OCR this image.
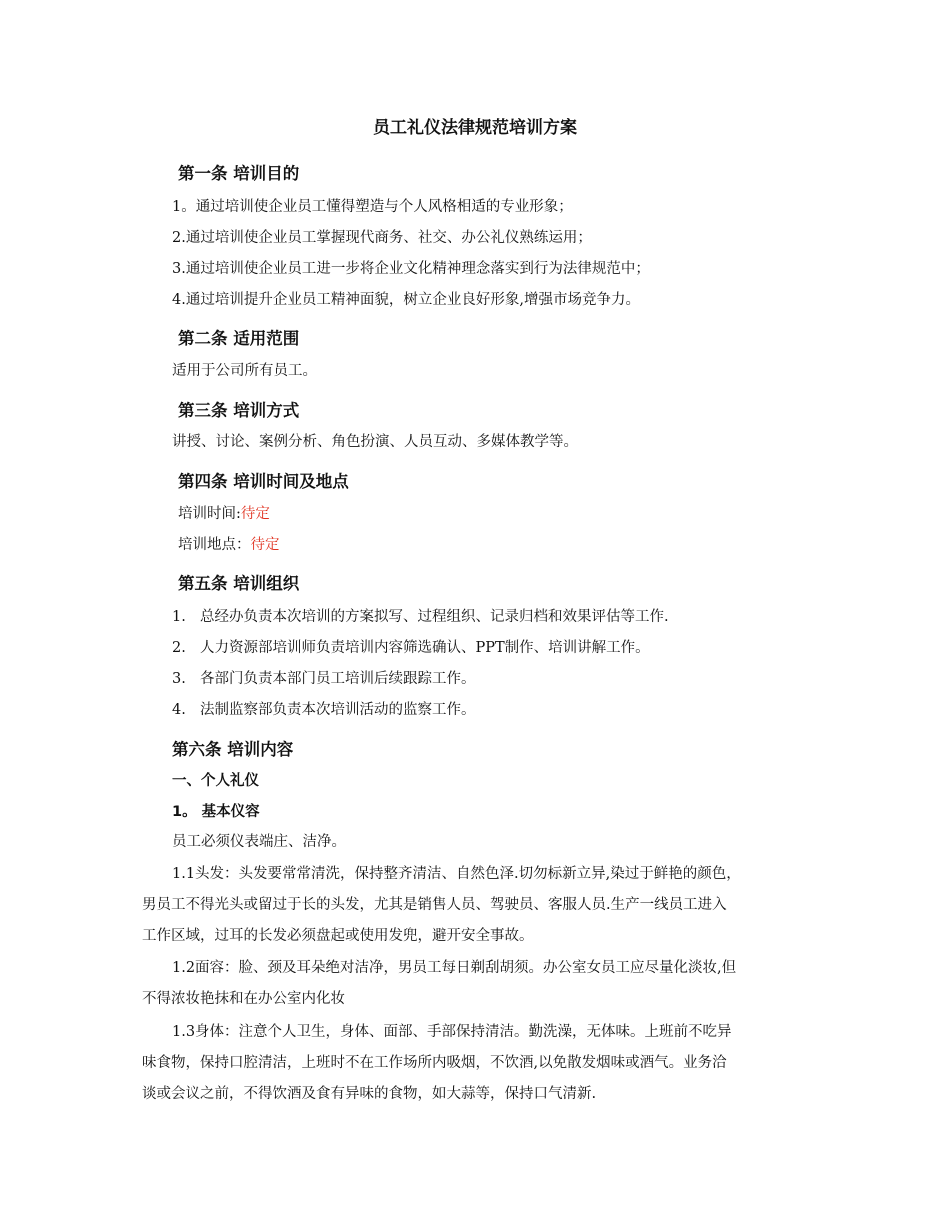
员工礼仪法律规范培训方案
第一条 培训目的
1。通过培训使企业员工懂得塑造与个人风格相适的专业形象；
2.通过培训使企业员工掌握现代商务、社交、办公礼仪熟练运用；
3.通过培训使企业员工进一步将企业文化精神理念落实到行为法律规范中；
4.通过培训提升企业员工精神面貌，树立企业良好形象,增强市场竞争力。
第二条 适用范围
适用于公司所有员工。
第三条 培训方式
讲授、讨论、案例分析、角色扮演、人员互动、多媒体教学等。
第四条 培训时间及地点
培训时间:待定
培训地点：待定
第五条 培训组织
1. 总经办负责本次培训的方案拟写、过程组织、记录归档和效果评估等工作.
2. 人力资源部培训师负责培训内容筛选确认、PPT制作、培训讲解工作。
3. 各部门负责本部门员工培训后续跟踪工作。
4. 法制监察部负责本次培训活动的监察工作。
第六条 培训内容
一、个人礼仪
1。 基本仪容
员工必须仪表端庄、洁净。
1.1头发：头发要常常清洗，保持整齐清洁、自然色泽.切勿标新立异,染过于鲜艳的颜色，
男员工不得光头或留过于长的头发，尤其是销售人员、驾驶员、客服人员.生产一线员工进入
工作区域，过耳的长发必须盘起或使用发兜，避开安全事故。
1.2面容：脸、颈及耳朵绝对洁净，男员工每日剃刮胡须。办公室女员工应尽量化淡妆,但
不得浓妆艳抹和在办公室内化妆
1.3身体：注意个人卫生，身体、面部、手部保持清洁。勤洗澡，无体味。上班前不吃异
味食物，保持口腔清洁，上班时不在工作场所内吸烟，不饮酒,以免散发烟味或酒气。业务洽
谈或会议之前，不得饮酒及食有异味的食物，如大蒜等，保持口气清新.
